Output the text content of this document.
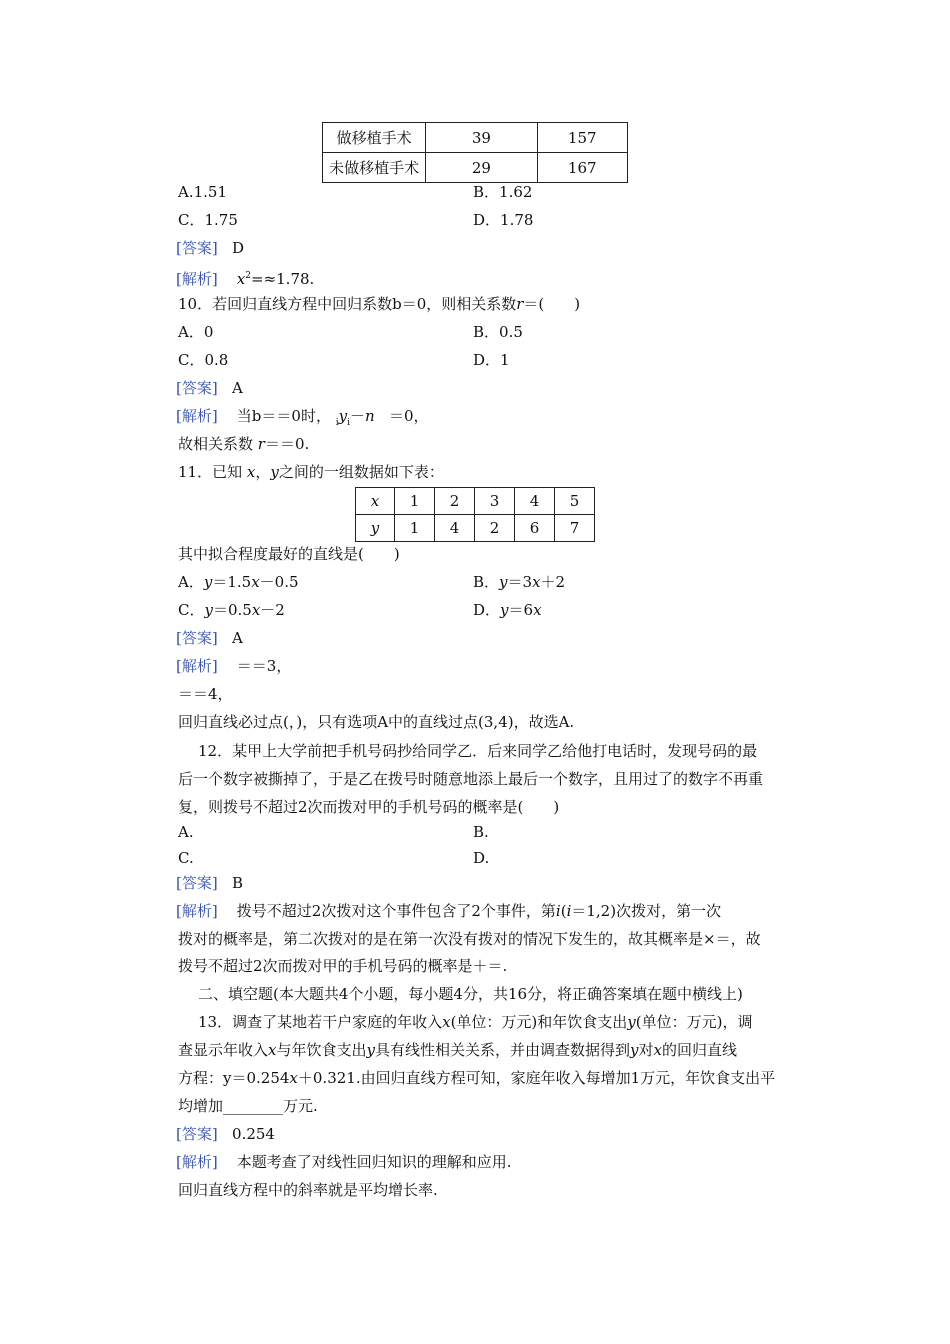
做移植手术	39	157
未做移植手术	29	167
A.1.51	B．1.62
C．1.75	D．1.78
[答案] D
[解析] $x^2=\approx 1.78$.
10．若回归直线方程中回归系数b＝0，则相关系数r＝(　　)
A．0	B．0.5
C．0.8	D．1
[答案] A
[解析] 当b＝＝0时， $_iy_i-n =0$，
故相关系数 r＝＝0.
11．已知 x，y之间的一组数据如下表：
x	1	2	3	4	5
y	1	4	2	6	7
其中拟合程度最好的直线是(　　)
A．y＝1.5x－0.5	B．y＝3x＋2
C．y＝0.5x－2	D．y＝6x
[答案] A
[解析] ＝＝3，
＝＝4，
回归直线必过点(，)，只有选项A中的直线过点(3,4)，故选A.
12．某甲上大学前把手机号码抄给同学乙．后来同学乙给他打电话时，发现号码的最
后一个数字被撕掉了，于是乙在拨号时随意地添上最后一个数字，且用过了的数字不再重
复，则拨号不超过2次而拨对甲的手机号码的概率是(　　)
A.	B.
C.	D.
[答案] B
[解析] 拨号不超过2次拨对这个事件包含了2个事件，第i(i＝1,2)次拨对，第一次
拨对的概率是，第二次拨对的是在第一次没有拨对的情况下发生的，故其概率是×＝，故
拨号不超过2次而拨对甲的手机号码的概率是＋＝.
二、填空题(本大题共4个小题，每小题4分，共16分，将正确答案填在题中横线上)
13．调查了某地若干户家庭的年收入x(单位：万元)和年饮食支出y(单位：万元)，调
查显示年收入x与年饮食支出y具有线性相关关系，并由调查数据得到y对x的回归直线
方程：y＝0.254x＋0.321.由回归直线方程可知，家庭年收入每增加1万元，年饮食支出平
均增加________万元.
[答案] 0.254
[解析] 本题考查了对线性回归知识的理解和应用.
回归直线方程中的斜率就是平均增长率.
